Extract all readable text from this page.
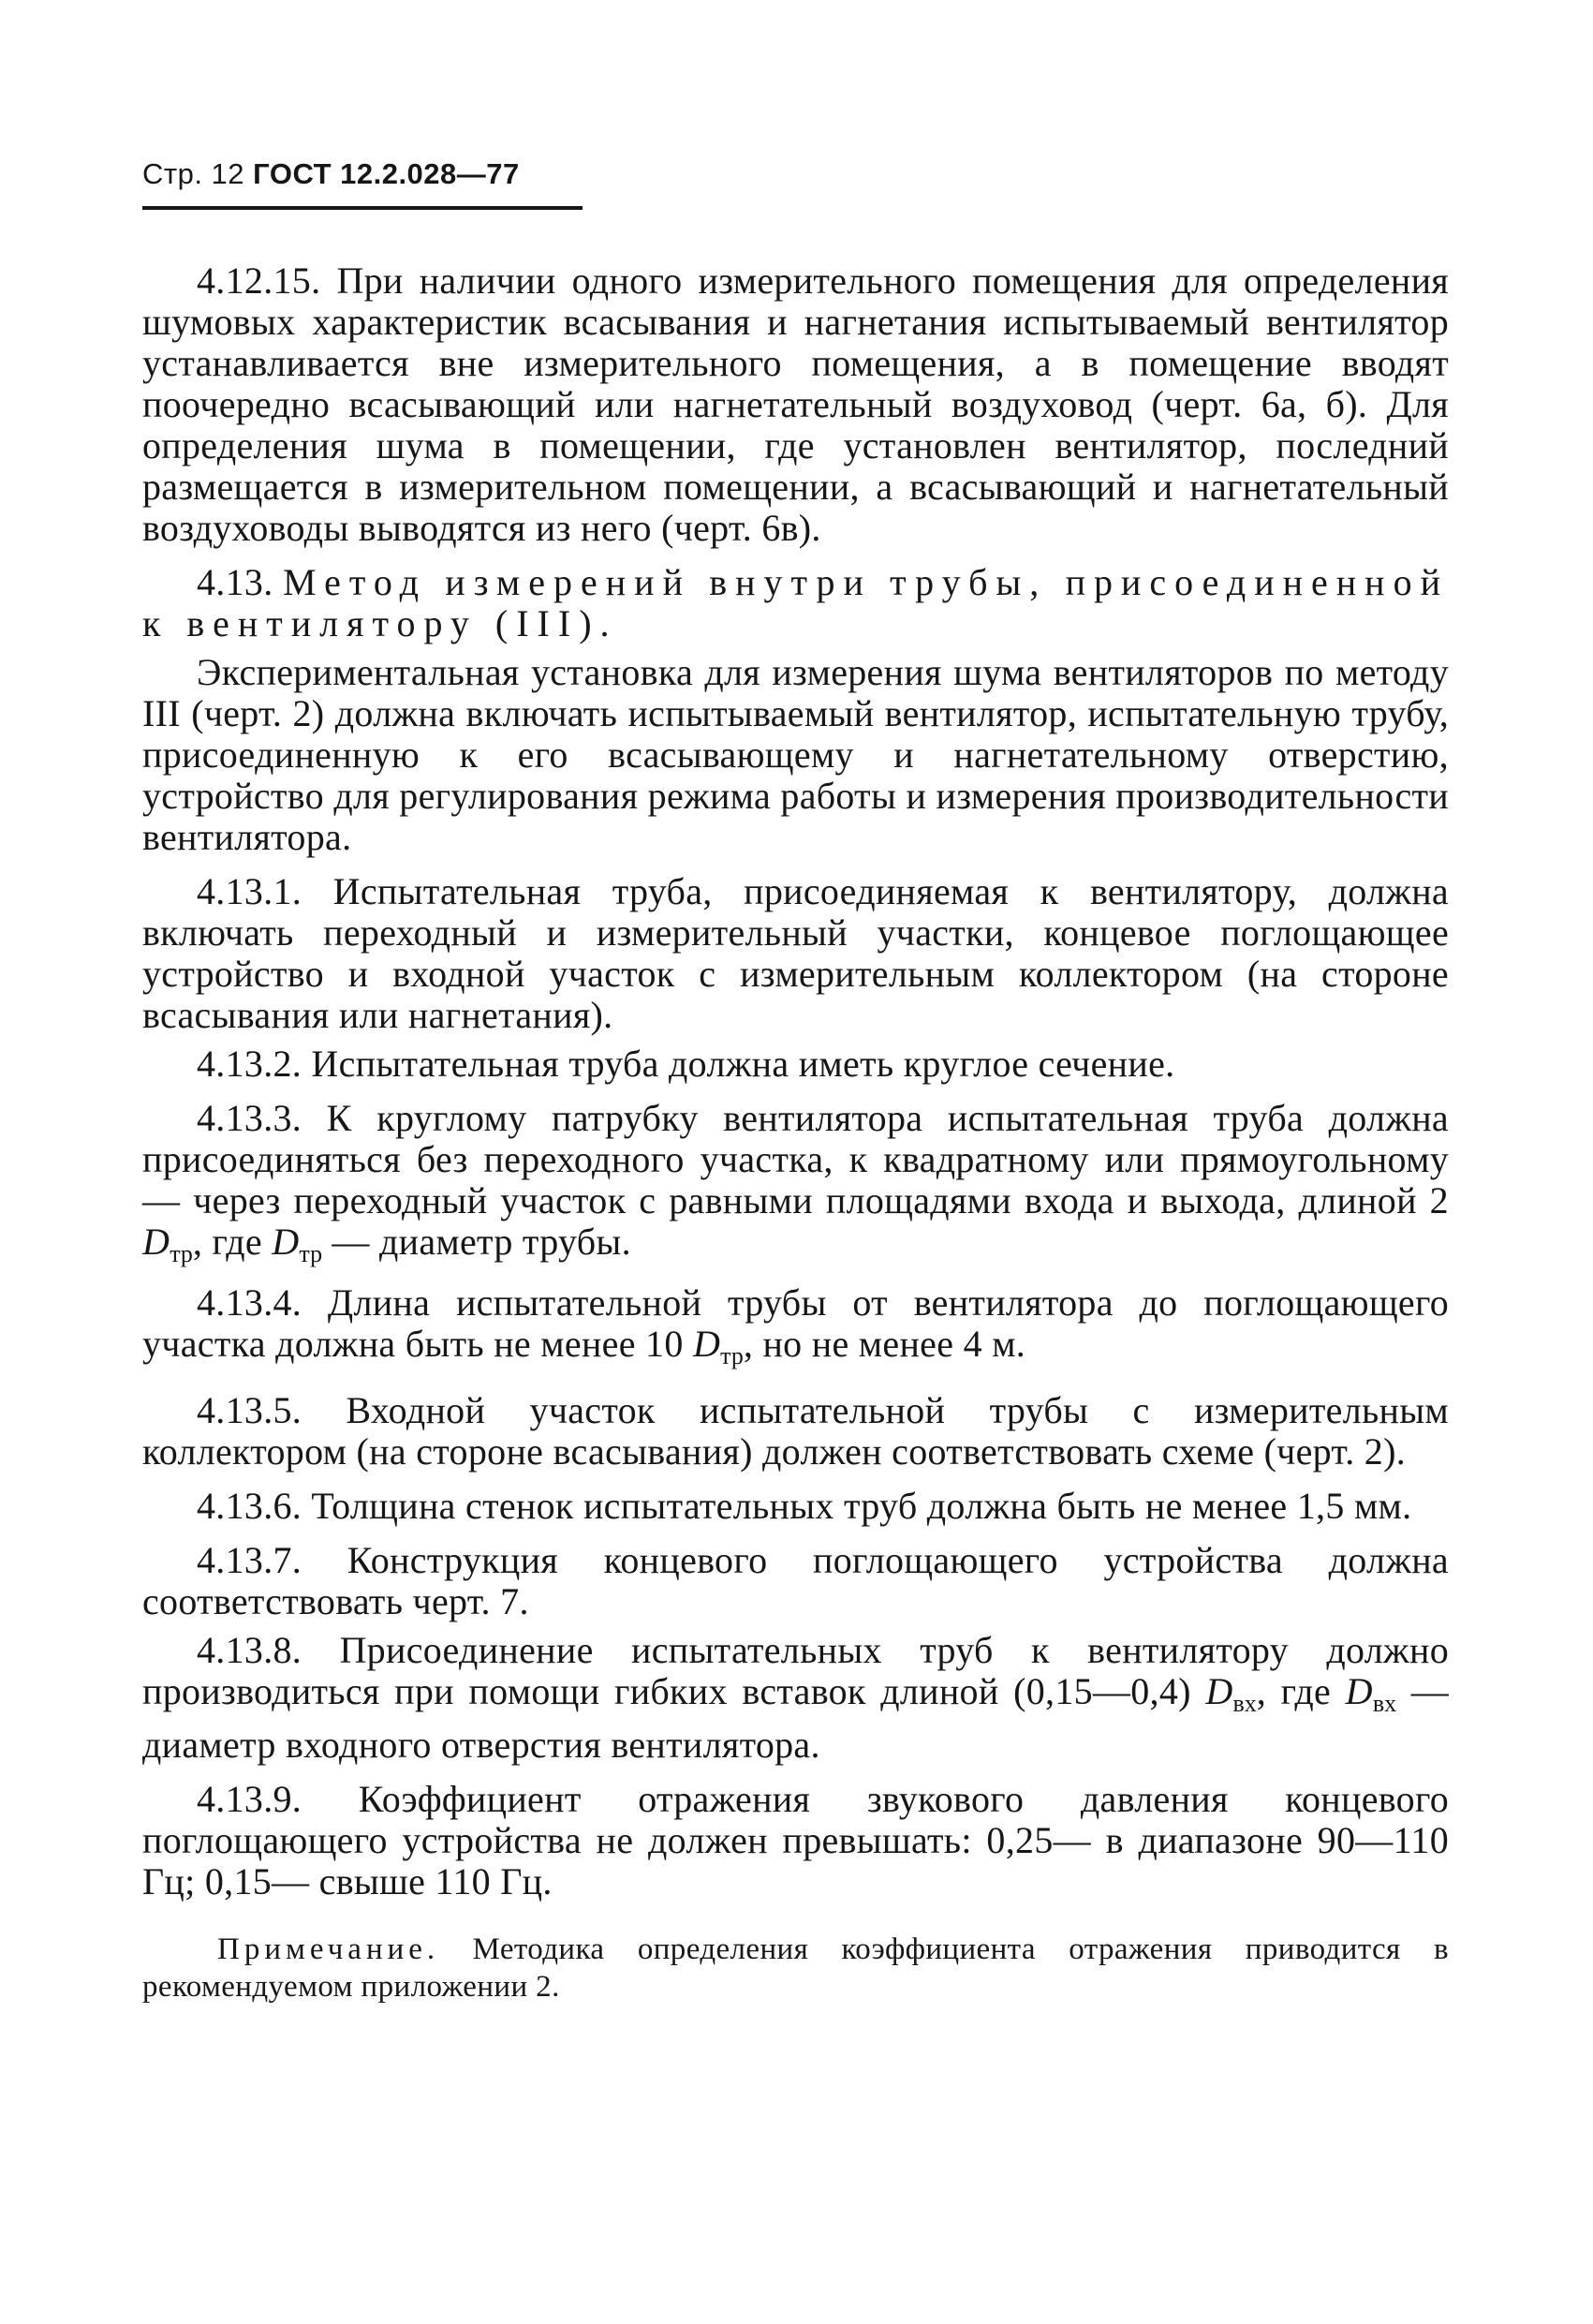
Стр. 12 ГОСТ 12.2.028—77

4.12.15. При наличии одного измерительного помещения для определения шумовых характеристик всасывания и нагнетания испытываемый вентилятор устанавливается вне измерительного помещения, а в помещение вводят поочередно всасывающий или нагнетательный воздуховод (черт. 6а, б). Для определения шума в помещении, где установлен вентилятор, последний размещается в измерительном помещении, а всасывающий и нагнетательный воздуховоды выводятся из него (черт. 6в).

4.13. Метод измерений внутри трубы, присоединенной к вентилятору (III).

Экспериментальная установка для измерения шума вентиляторов по методу III (черт. 2) должна включать испытываемый вентилятор, испытательную трубу, присоединенную к его всасывающему и нагнетательному отверстию, устройство для регулирования режима работы и измерения производительности вентилятора.

4.13.1. Испытательная труба, присоединяемая к вентилятору, должна включать переходный и измерительный участки, концевое поглощающее устройство и входной участок с измерительным коллектором (на стороне всасывания или нагнетания).

4.13.2. Испытательная труба должна иметь круглое сечение.

4.13.3. К круглому патрубку вентилятора испытательная труба должна присоединяться без переходного участка, к квадратному или прямоугольному — через переходный участок с равными площадями входа и выхода, длиной 2 $D_{тр}$, где $D_{тр}$ — диаметр трубы.

4.13.4. Длина испытательной трубы от вентилятора до поглощающего участка должна быть не менее 10 $D_{тр}$, но не менее 4 м.

4.13.5. Входной участок испытательной трубы с измерительным коллектором (на стороне всасывания) должен соответствовать схеме (черт. 2).

4.13.6. Толщина стенок испытательных труб должна быть не менее 1,5 мм.

4.13.7. Конструкция концевого поглощающего устройства должна соответствовать черт. 7.

4.13.8. Присоединение испытательных труб к вентилятору должно производиться при помощи гибких вставок длиной (0,15—0,4) $D_{вх}$, где $D_{вх}$ — диаметр входного отверстия вентилятора.

4.13.9. Коэффициент отражения звукового давления концевого поглощающего устройства не должен превышать: 0,25— в диапазоне 90—110 Гц; 0,15— свыше 110 Гц.

Примечание. Методика определения коэффициента отражения приводится в рекомендуемом приложении 2.
